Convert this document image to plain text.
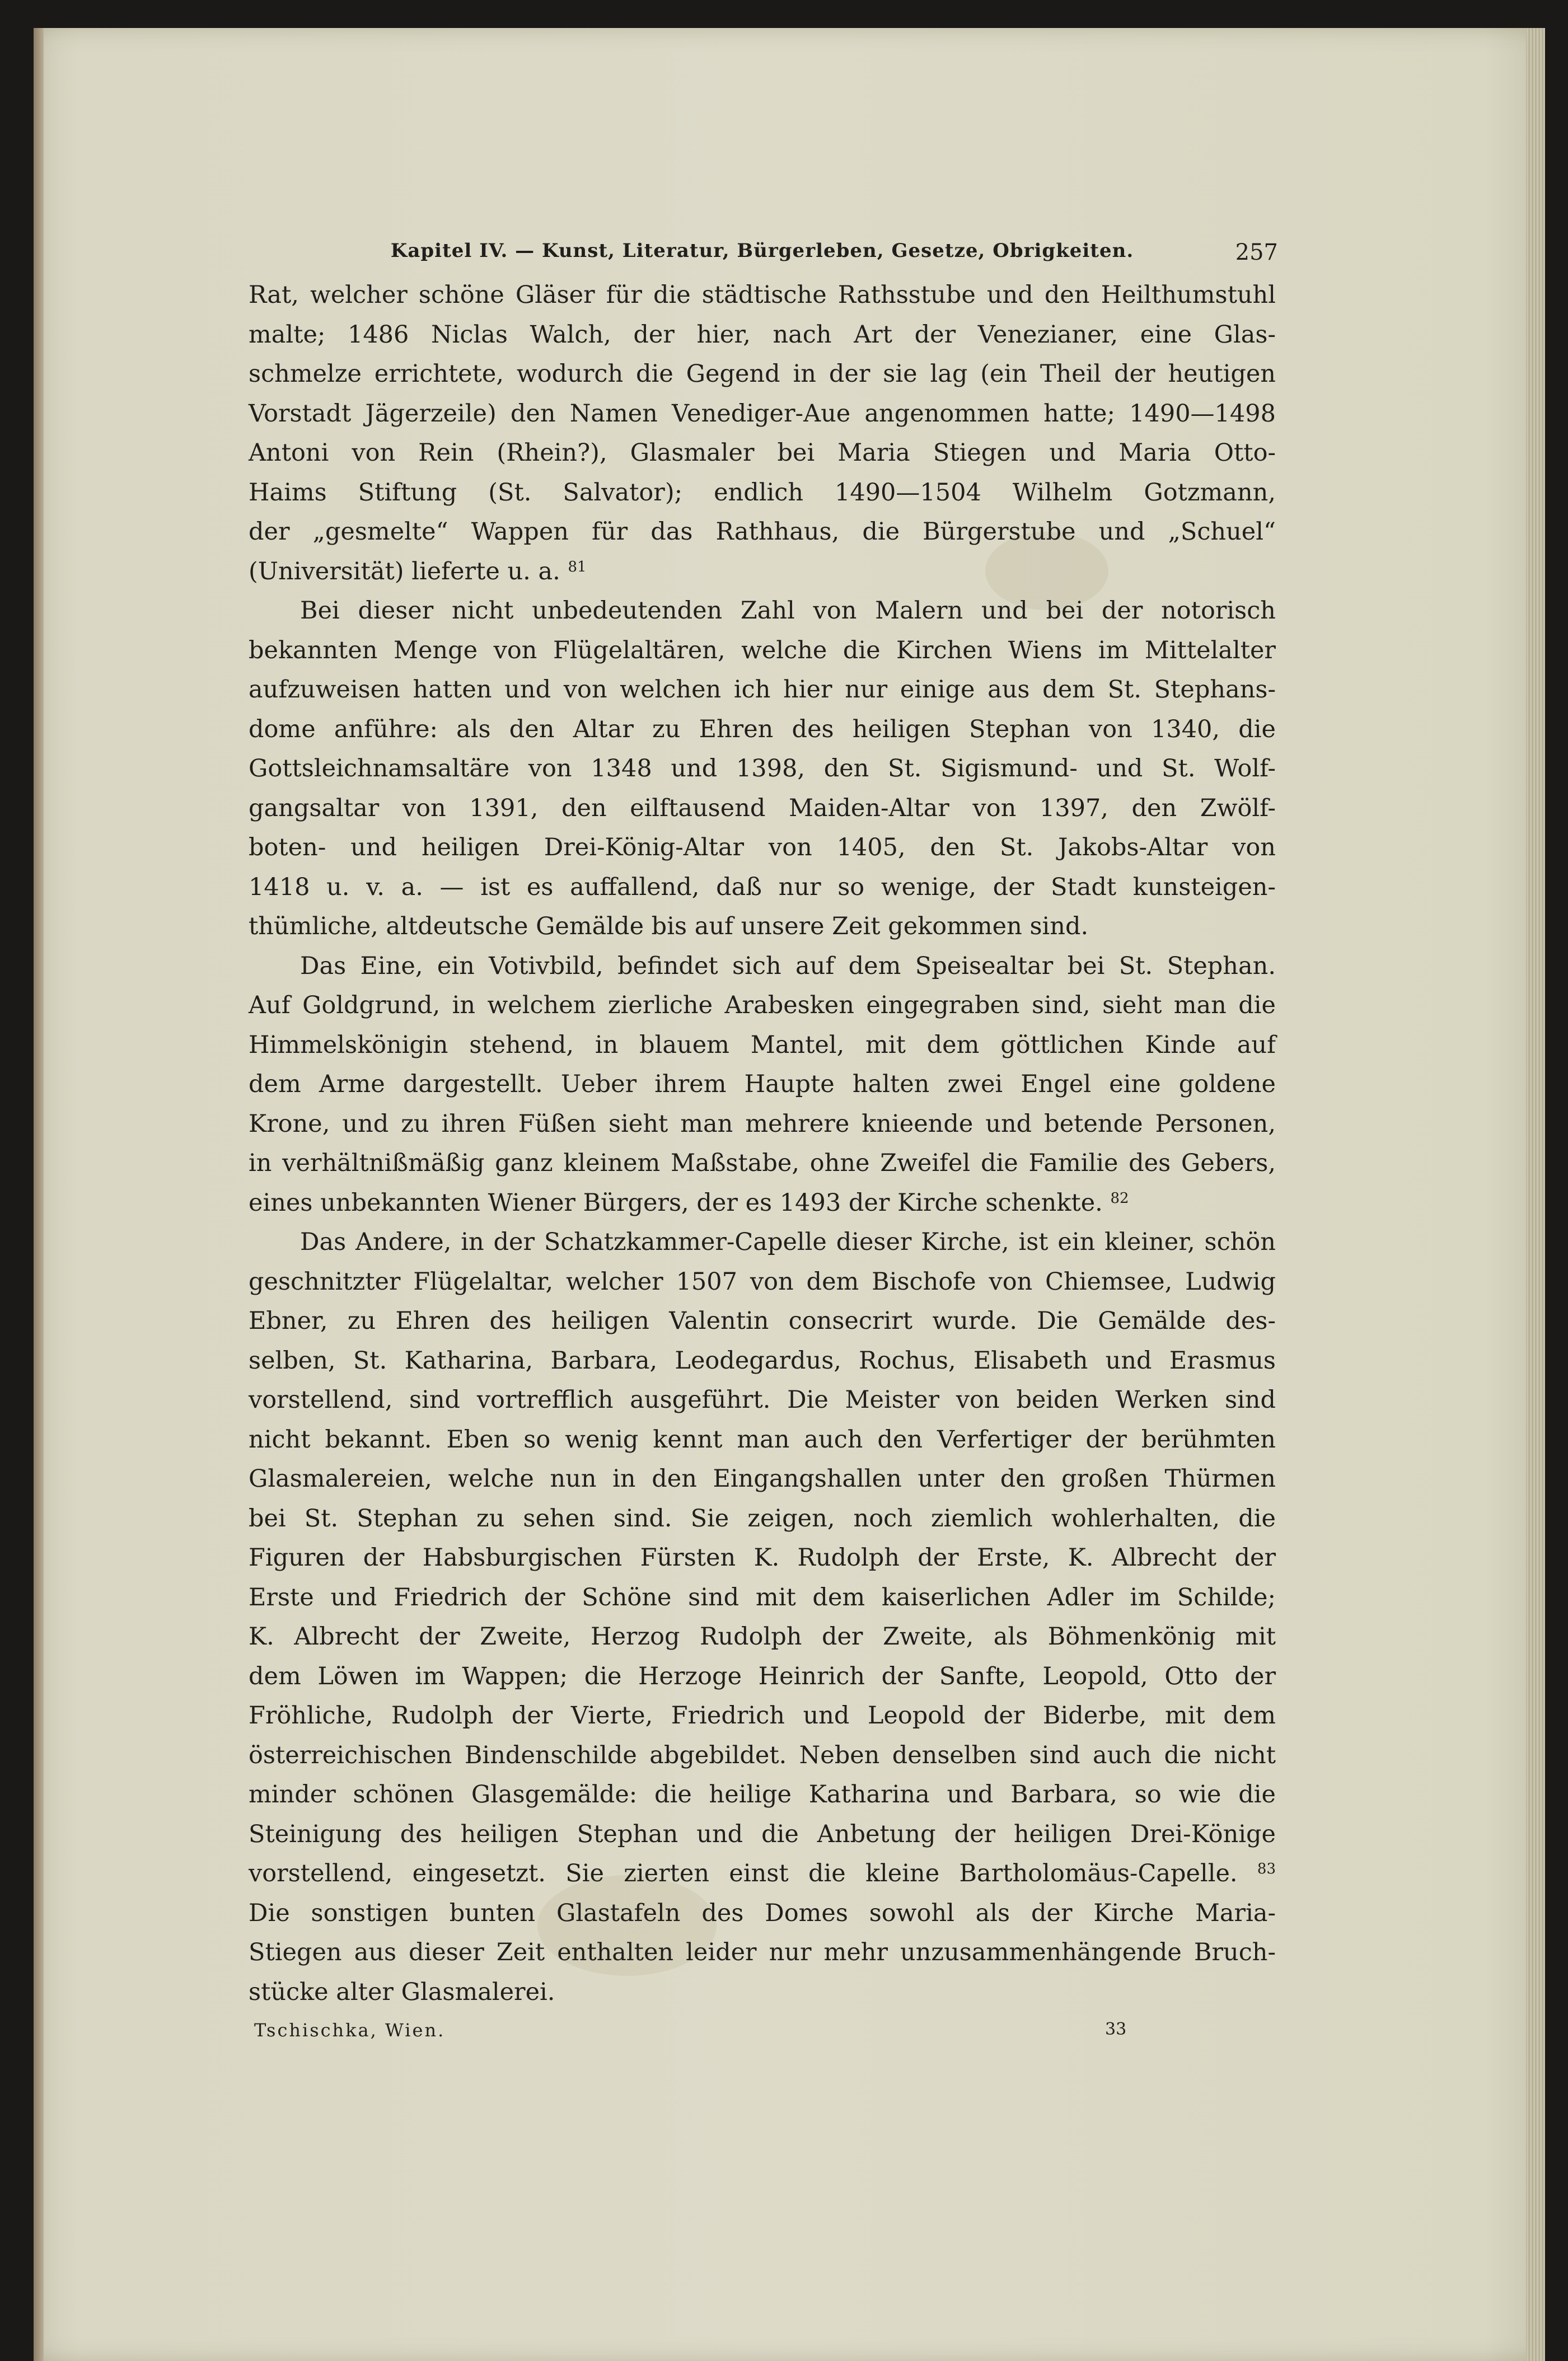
Kapitel IV. — Kunst, Literatur, Bürgerleben, Gesetze, Obrigkeiten.	257
Rat, welcher schöne Gläser für die städtische Rathsstube und den Heilthumstuhl
malte; 1486 Niclas Walch, der hier, nach Art der Venezianer, eine Glas-
schmelze errichtete, wodurch die Gegend in der sie lag (ein Theil der heutigen
Vorstadt Jägerzeile) den Namen Venediger-Aue angenommen hatte; 1490—1498
Antoni von Rein (Rhein?), Glasmaler bei Maria Stiegen und Maria Otto-
Haims Stiftung (St. Salvator); endlich 1490—1504 Wilhelm Gotzmann,
der „gesmelte“ Wappen für das Rathhaus, die Bürgerstube und „Schuel“
(Universität) lieferte u. a. $^{81}$
Bei dieser nicht unbedeutenden Zahl von Malern und bei der notorisch
bekannten Menge von Flügelaltären, welche die Kirchen Wiens im Mittelalter
aufzuweisen hatten und von welchen ich hier nur einige aus dem St. Stephans-
dome anführe: als den Altar zu Ehren des heiligen Stephan von 1340, die
Gottsleichnamsaltäre von 1348 und 1398, den St. Sigismund- und St. Wolf-
gangsaltar von 1391, den eilftausend Maiden-Altar von 1397, den Zwölf-
boten- und heiligen Drei-König-Altar von 1405, den St. Jakobs-Altar von
1418 u. v. a. — ist es auffallend, daß nur so wenige, der Stadt kunsteigen-
thümliche, altdeutsche Gemälde bis auf unsere Zeit gekommen sind.
Das Eine, ein Votivbild, befindet sich auf dem Speisealtar bei St. Stephan.
Auf Goldgrund, in welchem zierliche Arabesken eingegraben sind, sieht man die
Himmelskönigin stehend, in blauem Mantel, mit dem göttlichen Kinde auf
dem Arme dargestellt. Ueber ihrem Haupte halten zwei Engel eine goldene
Krone, und zu ihren Füßen sieht man mehrere knieende und betende Personen,
in verhältnißmäßig ganz kleinem Maßstabe, ohne Zweifel die Familie des Gebers,
eines unbekannten Wiener Bürgers, der es 1493 der Kirche schenkte. $^{82}$
Das Andere, in der Schatzkammer-Capelle dieser Kirche, ist ein kleiner, schön
geschnitzter Flügelaltar, welcher 1507 von dem Bischofe von Chiemsee, Ludwig
Ebner, zu Ehren des heiligen Valentin consecrirt wurde. Die Gemälde des-
selben, St. Katharina, Barbara, Leodegardus, Rochus, Elisabeth und Erasmus
vorstellend, sind vortrefflich ausgeführt. Die Meister von beiden Werken sind
nicht bekannt. Eben so wenig kennt man auch den Verfertiger der berühmten
Glasmalereien, welche nun in den Eingangshallen unter den großen Thürmen
bei St. Stephan zu sehen sind. Sie zeigen, noch ziemlich wohlerhalten, die
Figuren der Habsburgischen Fürsten K. Rudolph der Erste, K. Albrecht der
Erste und Friedrich der Schöne sind mit dem kaiserlichen Adler im Schilde;
K. Albrecht der Zweite, Herzog Rudolph der Zweite, als Böhmenkönig mit
dem Löwen im Wappen; die Herzoge Heinrich der Sanfte, Leopold, Otto der
Fröhliche, Rudolph der Vierte, Friedrich und Leopold der Biderbe, mit dem
österreichischen Bindenschilde abgebildet. Neben denselben sind auch die nicht
minder schönen Glasgemälde: die heilige Katharina und Barbara, so wie die
Steinigung des heiligen Stephan und die Anbetung der heiligen Drei-Könige
vorstellend, eingesetzt. Sie zierten einst die kleine Bartholomäus-Capelle. $^{83}$
Die sonstigen bunten Glastafeln des Domes sowohl als der Kirche Maria-
Stiegen aus dieser Zeit enthalten leider nur mehr unzusammenhängende Bruch-
stücke alter Glasmalerei.
Tschischka, Wien.	33
